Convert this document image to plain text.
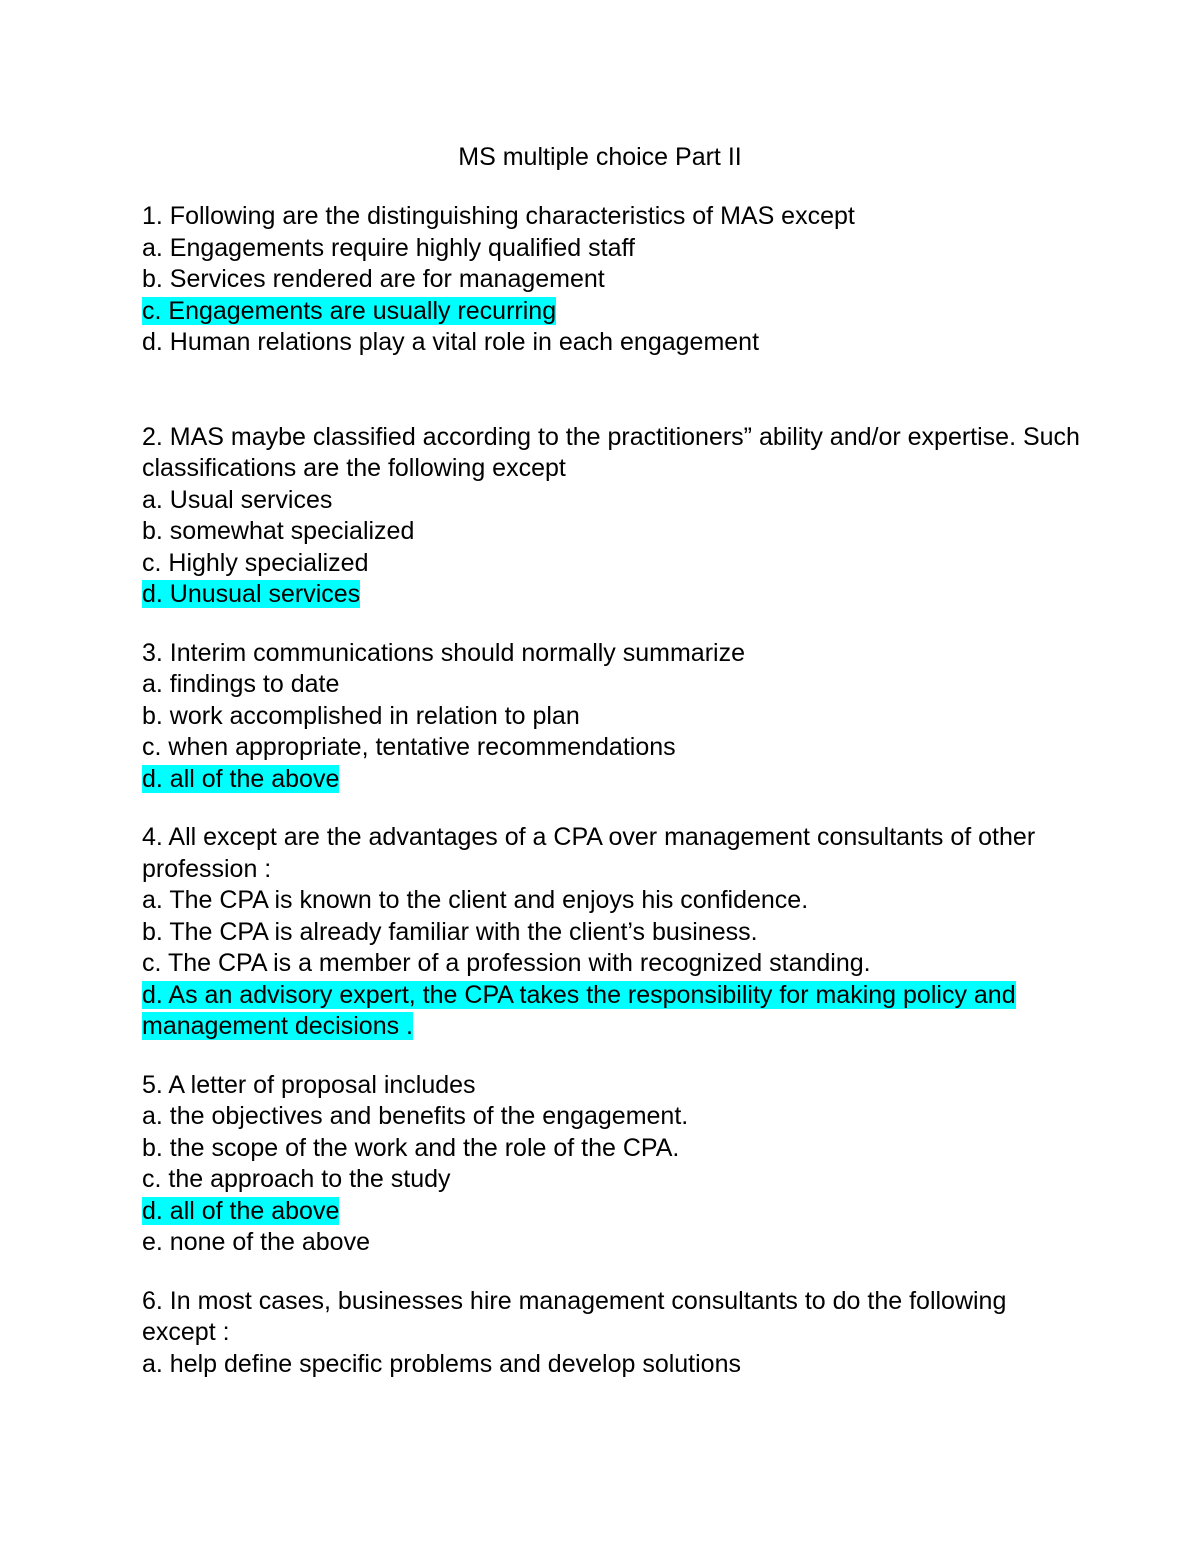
MS multiple choice Part II
1. Following are the distinguishing characteristics of MAS except
a. Engagements require highly qualified staff
b. Services rendered are for management
c. Engagements are usually recurring
d. Human relations play a vital role in each engagement
2. MAS maybe classified according to the practitioners” ability and/or expertise. Such classifications are the following except
a. Usual services
b. somewhat specialized
c. Highly specialized
d. Unusual services
3. Interim communications should normally summarize
a. findings to date
b. work accomplished in relation to plan
c. when appropriate, tentative recommendations
d. all of the above
4. All except are the advantages of a CPA over management consultants of other profession :
a. The CPA is known to the client and enjoys his confidence.
b. The CPA is already familiar with the client’s business.
c. The CPA is a member of a profession with recognized standing.
d. As an advisory expert, the CPA takes the responsibility for making policy and management decisions .
5. A letter of proposal includes
a. the objectives and benefits of the engagement.
b. the scope of the work and the role of the CPA.
c. the approach to the study
d. all of the above
e. none of the above
6. In most cases, businesses hire management consultants to do the following except :
a. help define specific problems and develop solutions
